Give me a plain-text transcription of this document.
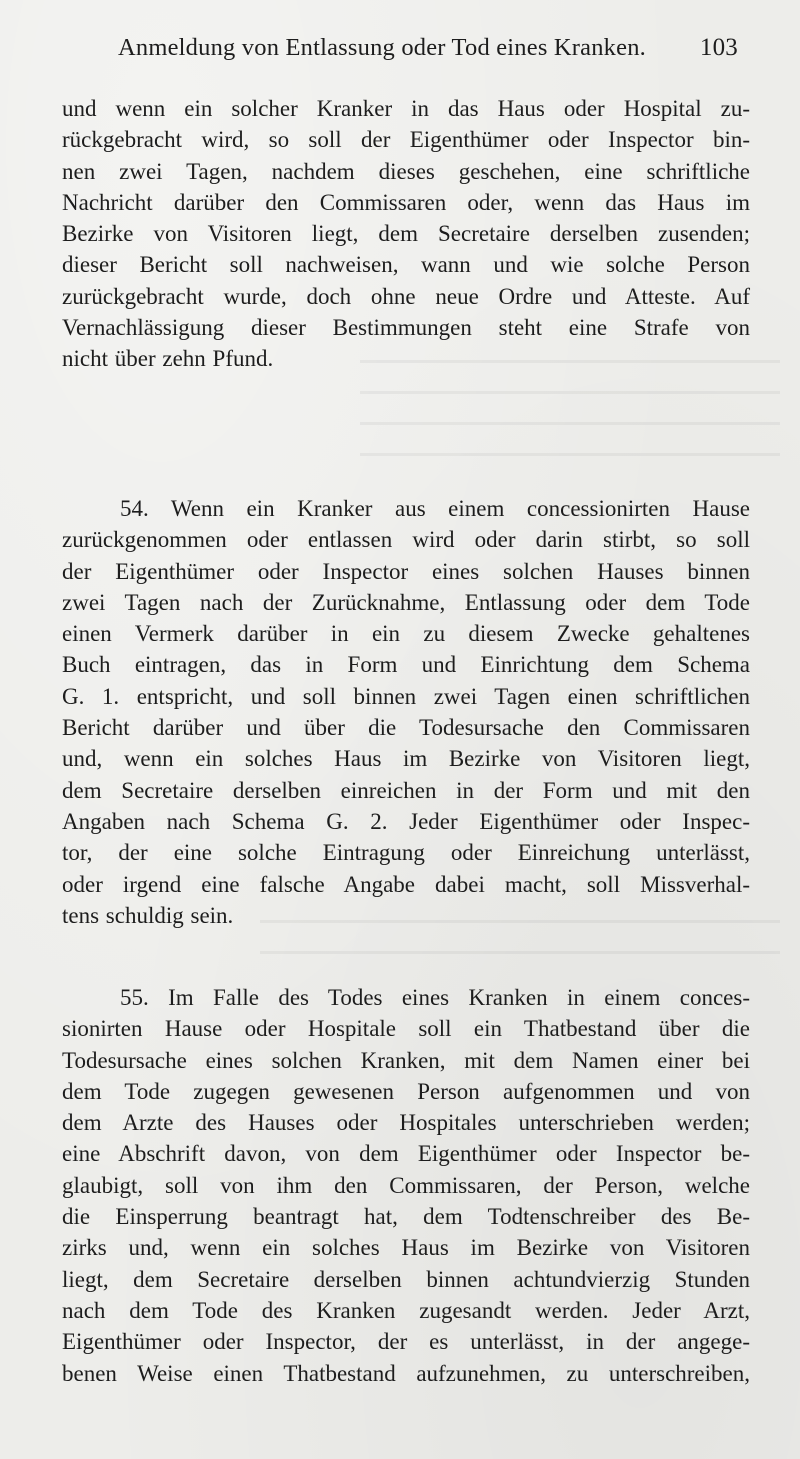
Anmeldung von Entlassung oder Tod eines Kranken. 103
und wenn ein solcher Kranker in das Haus oder Hospital zu-
rückgebracht wird, so soll der Eigenthümer oder Inspector bin-
nen zwei Tagen, nachdem dieses geschehen, eine schriftliche
Nachricht darüber den Commissaren oder, wenn das Haus im
Bezirke von Visitoren liegt, dem Secretaire derselben zusenden;
dieser Bericht soll nachweisen, wann und wie solche Person
zurückgebracht wurde, doch ohne neue Ordre und Atteste. Auf
Vernachlässigung dieser Bestimmungen steht eine Strafe von
nicht über zehn Pfund.
54. Wenn ein Kranker aus einem concessionirten Hause
zurückgenommen oder entlassen wird oder darin stirbt, so soll
der Eigenthümer oder Inspector eines solchen Hauses binnen
zwei Tagen nach der Zurücknahme, Entlassung oder dem Tode
einen Vermerk darüber in ein zu diesem Zwecke gehaltenes
Buch eintragen, das in Form und Einrichtung dem Schema
G. 1. entspricht, und soll binnen zwei Tagen einen schriftlichen
Bericht darüber und über die Todesursache den Commissaren
und, wenn ein solches Haus im Bezirke von Visitoren liegt,
dem Secretaire derselben einreichen in der Form und mit den
Angaben nach Schema G. 2. Jeder Eigenthümer oder Inspec-
tor, der eine solche Eintragung oder Einreichung unterlässt,
oder irgend eine falsche Angabe dabei macht, soll Missverhal-
tens schuldig sein.
55. Im Falle des Todes eines Kranken in einem conces-
sionirten Hause oder Hospitale soll ein Thatbestand über die
Todesursache eines solchen Kranken, mit dem Namen einer bei
dem Tode zugegen gewesenen Person aufgenommen und von
dem Arzte des Hauses oder Hospitales unterschrieben werden;
eine Abschrift davon, von dem Eigenthümer oder Inspector be-
glaubigt, soll von ihm den Commissaren, der Person, welche
die Einsperrung beantragt hat, dem Todtenschreiber des Be-
zirks und, wenn ein solches Haus im Bezirke von Visitoren
liegt, dem Secretaire derselben binnen achtundvierzig Stunden
nach dem Tode des Kranken zugesandt werden. Jeder Arzt,
Eigenthümer oder Inspector, der es unterlässt, in der angege-
benen Weise einen Thatbestand aufzunehmen, zu unterschreiben,
